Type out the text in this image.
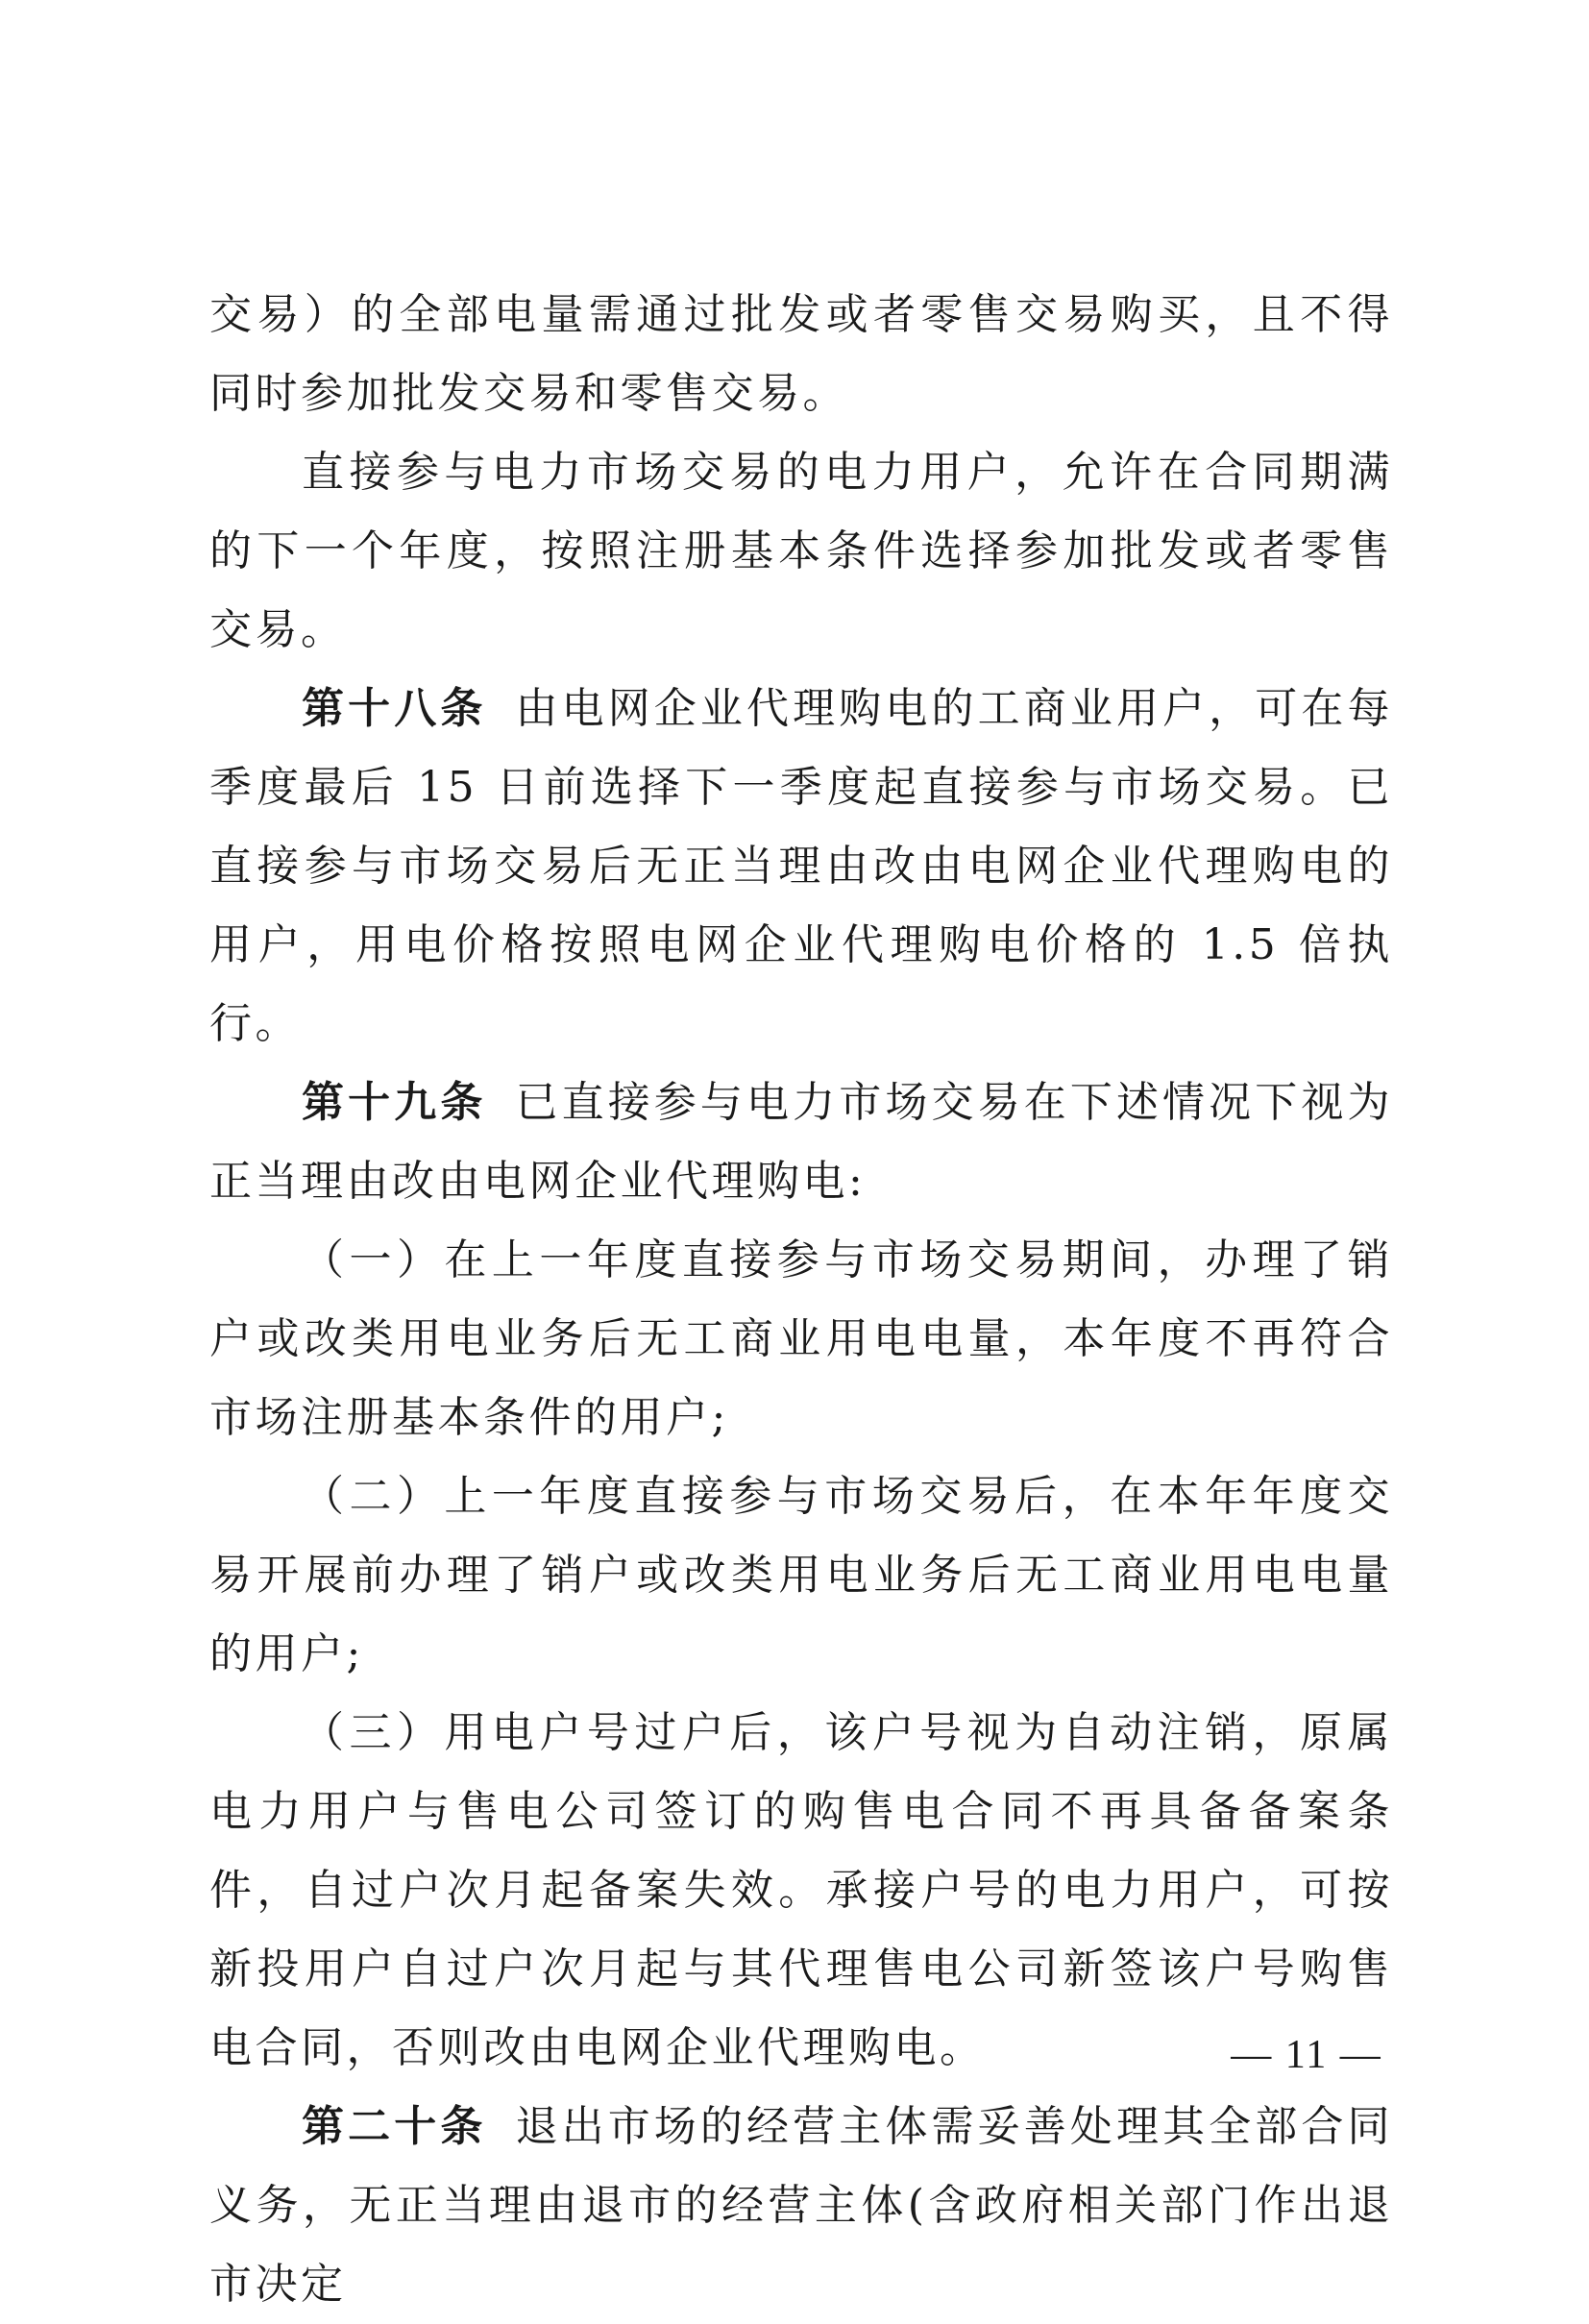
交易）的全部电量需通过批发或者零售交易购买，且不得同时参加批发交易和零售交易。

直接参与电力市场交易的电力用户，允许在合同期满的下一个年度，按照注册基本条件选择参加批发或者零售交易。

第十八条 由电网企业代理购电的工商业用户，可在每季度最后 15 日前选择下一季度起直接参与市场交易。已直接参与市场交易后无正当理由改由电网企业代理购电的用户，用电价格按照电网企业代理购电价格的 1.5 倍执行。

第十九条 已直接参与电力市场交易在下述情况下视为正当理由改由电网企业代理购电:

（一）在上一年度直接参与市场交易期间，办理了销户或改类用电业务后无工商业用电电量，本年度不再符合市场注册基本条件的用户;

（二）上一年度直接参与市场交易后，在本年年度交易开展前办理了销户或改类用电业务后无工商业用电电量的用户;

（三）用电户号过户后，该户号视为自动注销，原属电力用户与售电公司签订的购售电合同不再具备备案条件，自过户次月起备案失效。承接户号的电力用户，可按新投用户自过户次月起与其代理售电公司新签该户号购售电合同，否则改由电网企业代理购电。

第二十条 退出市场的经营主体需妥善处理其全部合同义务，无正当理由退市的经营主体(含政府相关部门作出退市决定

— 11 —
